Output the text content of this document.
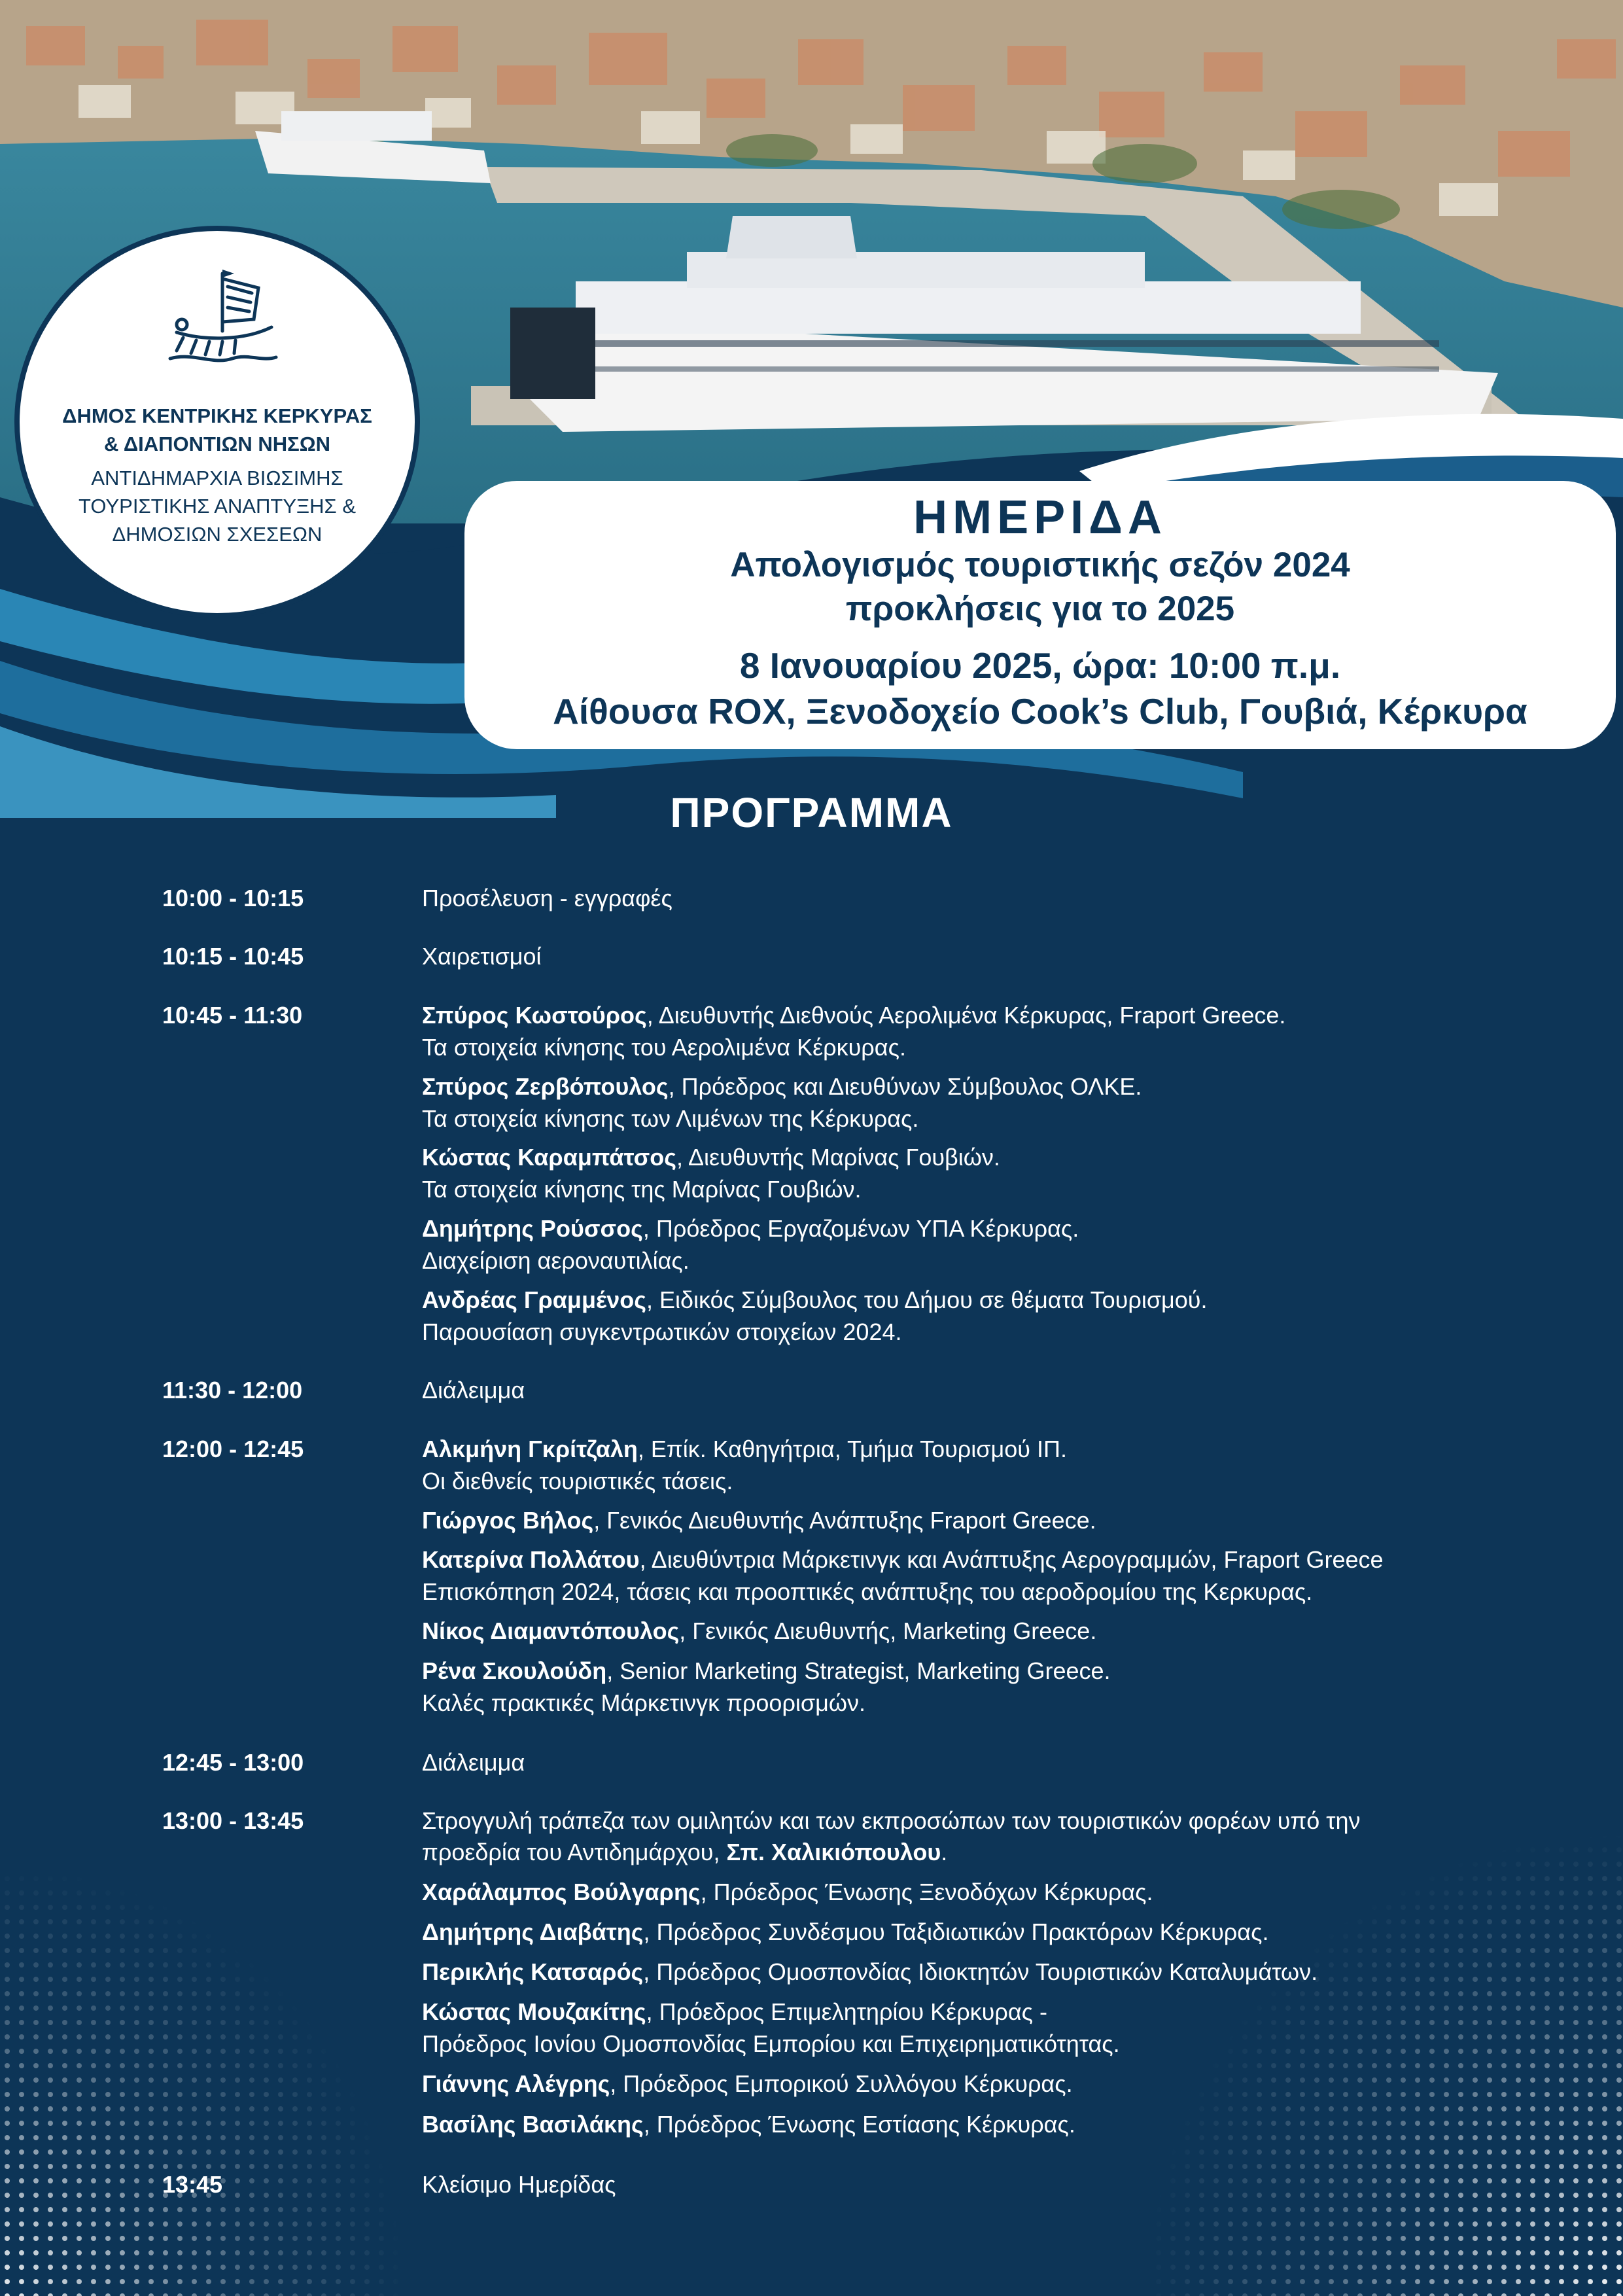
ΔΗΜΟΣ ΚΕΝΤΡΙΚΗΣ ΚΕΡΚΥΡΑΣ
& ΔΙΑΠΟΝΤΙΩΝ ΝΗΣΩΝ
ΑΝΤΙΔΗΜΑΡΧΙΑ ΒΙΩΣΙΜΗΣ
ΤΟΥΡΙΣΤΙΚΗΣ ΑΝΑΠΤΥΞΗΣ &
ΔΗΜΟΣΙΩΝ ΣΧΕΣΕΩΝ	ΗΜΕΡΙΔΑ
Απολογισμός τουριστικής σεζόν 2024
προκλήσεις για το 2025
8 Ιανουαρίου 2025, ώρα: 10:00 π.μ.
Αίθουσα ROX, Ξενοδοχείο Cook’s Club, Γουβιά, Κέρκυρα
ΠΡΟΓΡΑΜΜΑ
10:00 - 10:15	Προσέλευση - εγγραφές
10:15 - 10:45	Χαιρετισμοί
10:45 - 11:30	Σπύρος Κωστούρος, Διευθυντής Διεθνούς Αερολιμένα Κέρκυρας, Fraport Greece.
Τα στοιχεία κίνησης του Αερολιμένα Κέρκυρας.
Σπύρος Ζερβόπουλος, Πρόεδρος και Διευθύνων Σύμβουλος ΟΛΚΕ.
Τα στοιχεία κίνησης των Λιμένων της Κέρκυρας.
Κώστας Καραμπάτσος, Διευθυντής Μαρίνας Γουβιών.
Τα στοιχεία κίνησης της Μαρίνας Γουβιών.
Δημήτρης Ρούσσος, Πρόεδρος Εργαζομένων ΥΠΑ Κέρκυρας.
Διαχείριση αεροναυτιλίας.
Ανδρέας Γραμμένος, Ειδικός Σύμβουλος του Δήμου σε θέματα Τουρισμού.
Παρουσίαση συγκεντρωτικών στοιχείων 2024.
11:30 - 12:00	Διάλειμμα
12:00 - 12:45	Αλκμήνη Γκρίτζαλη, Επίκ. Καθηγήτρια, Τμήμα Τουρισμού ΙΠ.
Οι διεθνείς τουριστικές τάσεις.
Γιώργος Βήλος, Γενικός Διευθυντής Ανάπτυξης Fraport Greece.
Κατερίνα Πολλάτου, Διευθύντρια Μάρκετινγκ και Ανάπτυξης Αερογραμμών, Fraport Greece
Επισκόπηση 2024, τάσεις και προοπτικές ανάπτυξης του αεροδρομίου της Κερκυρας.
Νίκος Διαμαντόπουλος, Γενικός Διευθυντής, Marketing Greece.
Ρένα Σκουλούδη, Senior Marketing Strategist, Marketing Greece.
Καλές πρακτικές Μάρκετινγκ προορισμών.
12:45 - 13:00	Διάλειμμα
13:00 - 13:45	Στρογγυλή τράπεζα των ομιλητών και των εκπροσώπων των τουριστικών φορέων υπό την
προεδρία του Αντιδημάρχου, Σπ. Χαλικιόπουλου.
Χαράλαμπος Βούλγαρης, Πρόεδρος Ένωσης Ξενοδόχων Κέρκυρας.
Δημήτρης Διαβάτης, Πρόεδρος Συνδέσμου Ταξιδιωτικών Πρακτόρων Κέρκυρας.
Περικλής Κατσαρός, Πρόεδρος Ομοσπονδίας Ιδιοκτητών Τουριστικών Καταλυμάτων.
Κώστας Μουζακίτης, Πρόεδρος Επιμελητηρίου Κέρκυρας -
Πρόεδρος Ιονίου Ομοσπονδίας Εμπορίου και Επιχειρηματικότητας.
Γιάννης Αλέγρης, Πρόεδρος Εμπορικού Συλλόγου Κέρκυρας.
Βασίλης Βασιλάκης, Πρόεδρος Ένωσης Εστίασης Κέρκυρας.
13:45	Κλείσιμο Ημερίδας
